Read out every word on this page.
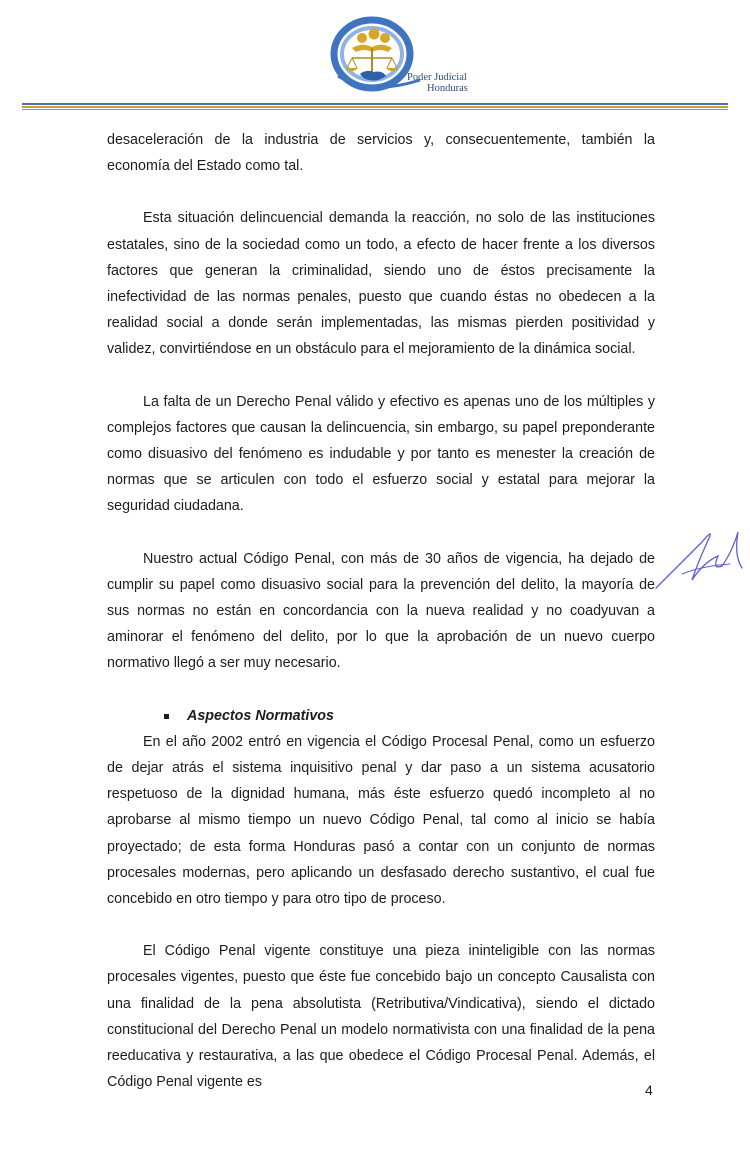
Poder Judicial
Honduras

desaceleración de la industria de servicios y, consecuentemente, también la economía del Estado como tal.

Esta situación delincuencial demanda la reacción, no solo de las instituciones estatales, sino de la sociedad como un todo, a efecto de hacer frente a los diversos factores que generan la criminalidad, siendo uno de éstos precisamente la inefectividad de las normas penales, puesto que cuando éstas no obedecen a la realidad social a donde serán implementadas, las mismas pierden positividad y validez, convirtiéndose en un obstáculo para el mejoramiento de la dinámica social.

La falta de un Derecho Penal válido y efectivo es apenas uno de los múltiples y complejos factores que causan la delincuencia, sin embargo, su papel preponderante como disuasivo del fenómeno es indudable y por tanto es menester la creación de normas que se articulen con todo el esfuerzo social y estatal para mejorar la seguridad ciudadana.

Nuestro actual Código Penal, con más de 30 años de vigencia, ha dejado de cumplir su papel como disuasivo social para la prevención del delito, la mayoría de sus normas no están en concordancia con la nueva realidad y no coadyuvan a aminorar el fenómeno del delito, por lo que la aprobación de un nuevo cuerpo normativo llegó a ser muy necesario.

Aspectos Normativos

En el año 2002 entró en vigencia el Código Procesal Penal, como un esfuerzo de dejar atrás el sistema inquisitivo penal y dar paso a un sistema acusatorio respetuoso de la dignidad humana, más éste esfuerzo quedó incompleto al no aprobarse al mismo tiempo un nuevo Código Penal, tal como al inicio se había proyectado; de esta forma Honduras pasó a contar con un conjunto de normas procesales modernas, pero aplicando un desfasado derecho sustantivo, el cual fue concebido en otro tiempo y para otro tipo de proceso.

El Código Penal vigente constituye una pieza ininteligible con las normas procesales vigentes, puesto que éste fue concebido bajo un concepto Causalista con una finalidad de la pena absolutista (Retributiva/Vindicativa), siendo el dictado constitucional del Derecho Penal un modelo normativista con una finalidad de la pena reeducativa y restaurativa, a las que obedece el Código Procesal Penal. Además, el Código Penal vigente es	4
